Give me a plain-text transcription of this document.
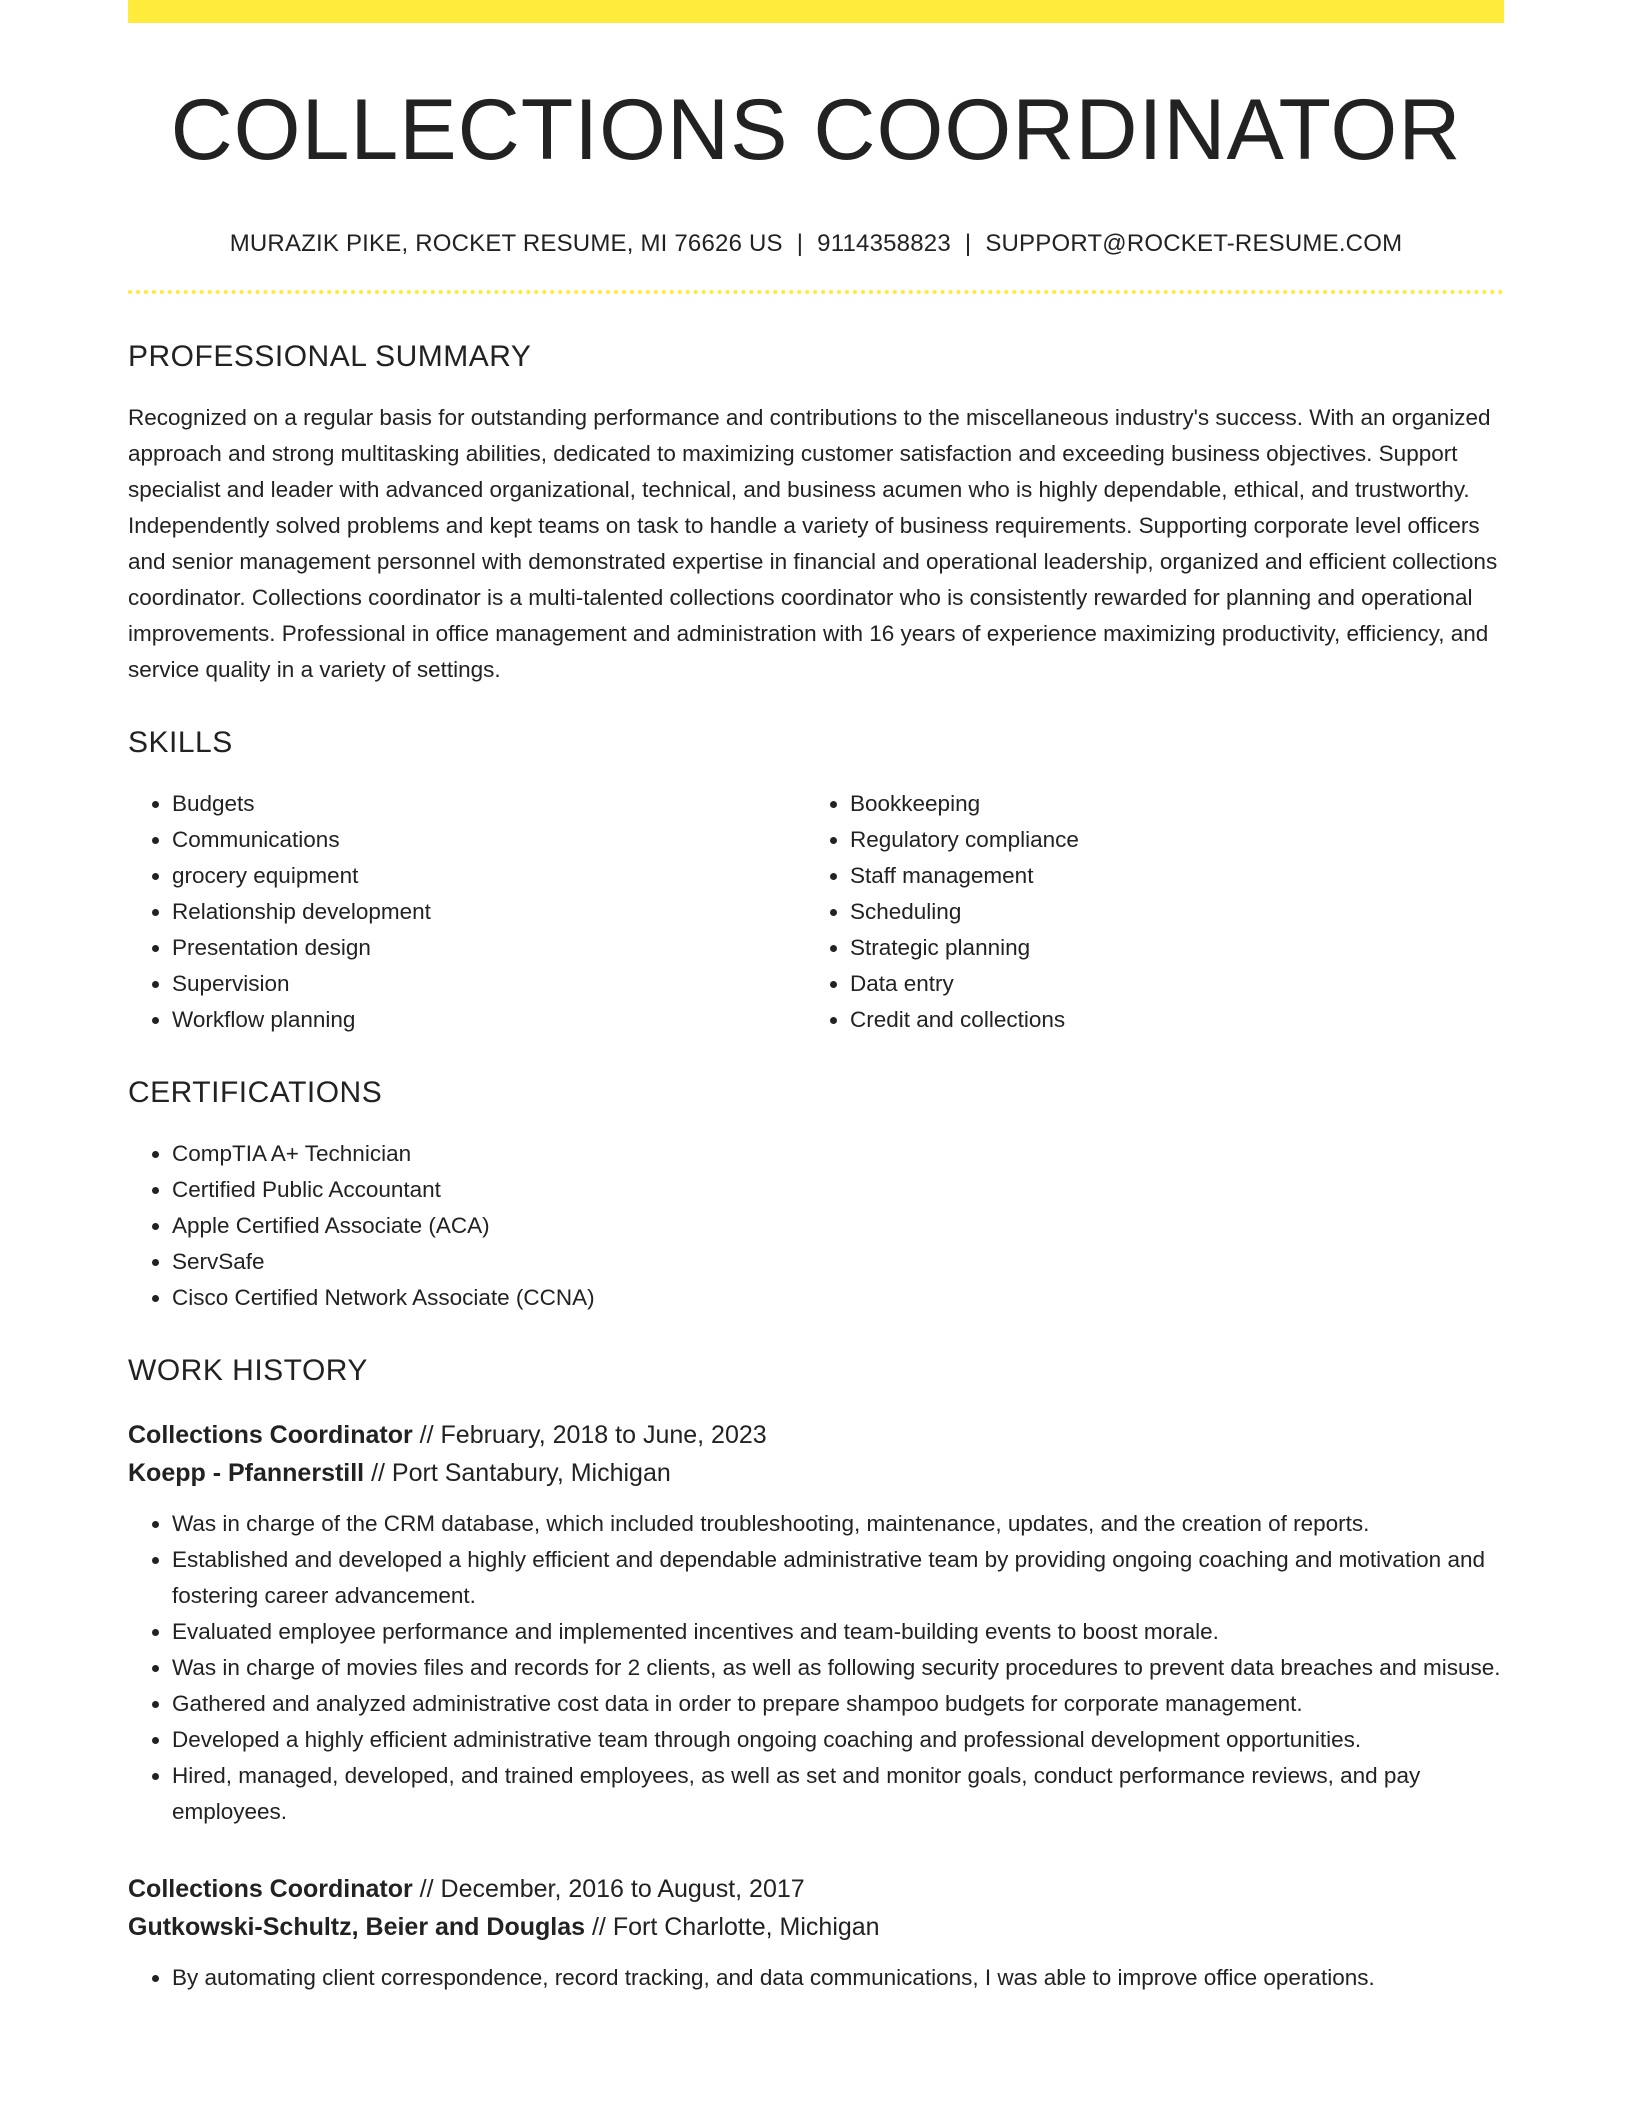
COLLECTIONS COORDINATOR
MURAZIK PIKE, ROCKET RESUME, MI 76626 US | 9114358823 | SUPPORT@ROCKET-RESUME.COM
PROFESSIONAL SUMMARY
Recognized on a regular basis for outstanding performance and contributions to the miscellaneous industry's success. With an organized approach and strong multitasking abilities, dedicated to maximizing customer satisfaction and exceeding business objectives. Support specialist and leader with advanced organizational, technical, and business acumen who is highly dependable, ethical, and trustworthy. Independently solved problems and kept teams on task to handle a variety of business requirements. Supporting corporate level officers and senior management personnel with demonstrated expertise in financial and operational leadership, organized and efficient collections coordinator. Collections coordinator is a multi-talented collections coordinator who is consistently rewarded for planning and operational improvements. Professional in office management and administration with 16 years of experience maximizing productivity, efficiency, and service quality in a variety of settings.
SKILLS
• Budgets
• Communications
• grocery equipment
• Relationship development
• Presentation design
• Supervision
• Workflow planning
• Bookkeeping
• Regulatory compliance
• Staff management
• Scheduling
• Strategic planning
• Data entry
• Credit and collections
CERTIFICATIONS
• CompTIA A+ Technician
• Certified Public Accountant
• Apple Certified Associate (ACA)
• ServSafe
• Cisco Certified Network Associate (CCNA)
WORK HISTORY
Collections Coordinator // February, 2018 to June, 2023
Koepp - Pfannerstill // Port Santabury, Michigan
• Was in charge of the CRM database, which included troubleshooting, maintenance, updates, and the creation of reports.
• Established and developed a highly efficient and dependable administrative team by providing ongoing coaching and motivation and fostering career advancement.
• Evaluated employee performance and implemented incentives and team-building events to boost morale.
• Was in charge of movies files and records for 2 clients, as well as following security procedures to prevent data breaches and misuse.
• Gathered and analyzed administrative cost data in order to prepare shampoo budgets for corporate management.
• Developed a highly efficient administrative team through ongoing coaching and professional development opportunities.
• Hired, managed, developed, and trained employees, as well as set and monitor goals, conduct performance reviews, and pay employees.
Collections Coordinator // December, 2016 to August, 2017
Gutkowski-Schultz, Beier and Douglas // Fort Charlotte, Michigan
• By automating client correspondence, record tracking, and data communications, I was able to improve office operations.
